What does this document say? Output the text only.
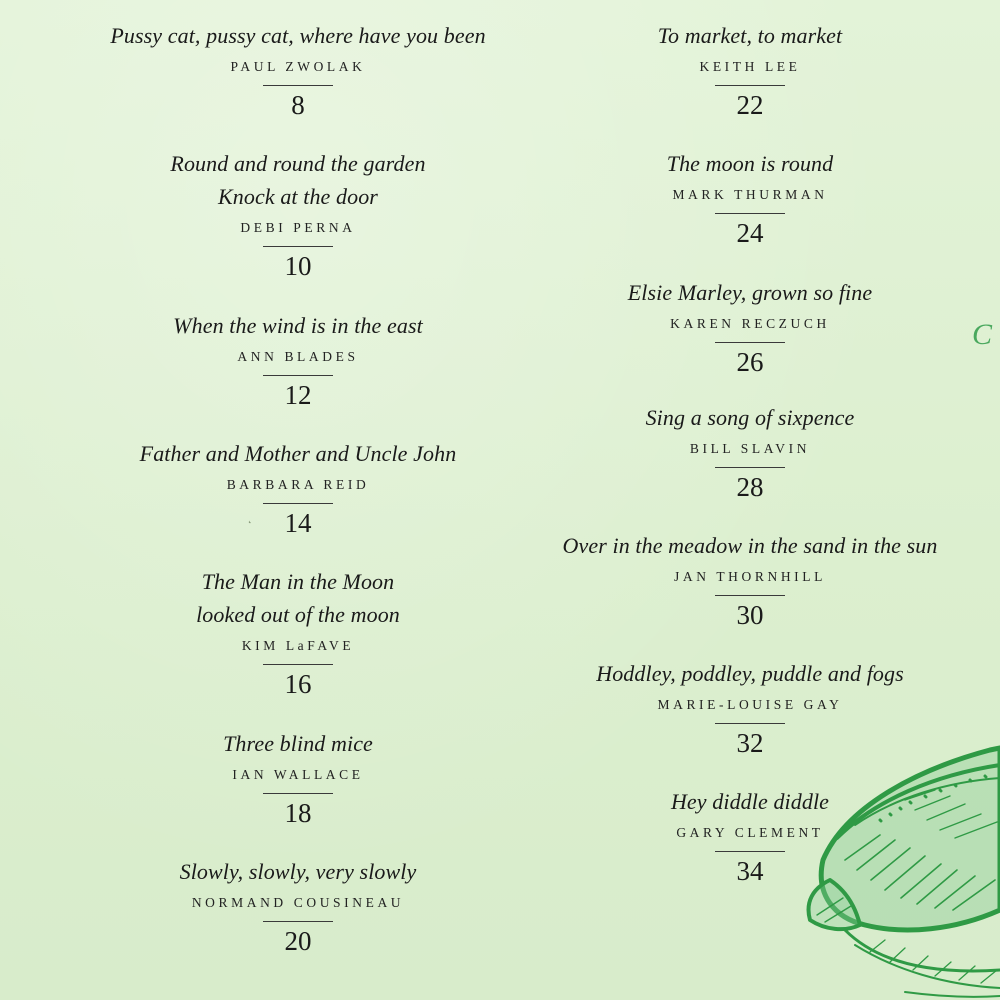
Pussy cat, pussy cat, where have you been
PAUL ZWOLAK
8
Round and round the garden
Knock at the door
DEBI PERNA
10
When the wind is in the east
ANN BLADES
12
Father and Mother and Uncle John
BARBARA REID
14
The Man in the Moon
looked out of the moon
KIM LaFAVE
16
Three blind mice
IAN WALLACE
18
Slowly, slowly, very slowly
NORMAND COUSINEAU
20
To market, to market
KEITH LEE
22
The moon is round
MARK THURMAN
24
Elsie Marley, grown so fine
KAREN RECZUCH
26
Sing a song of sixpence
BILL SLAVIN
28
Over in the meadow in the sand in the sun
JAN THORNHILL
30
Hoddley, poddley, puddle and fogs
MARIE-LOUISE GAY
32
Hey diddle diddle
GARY CLEMENT
34
C
˛
